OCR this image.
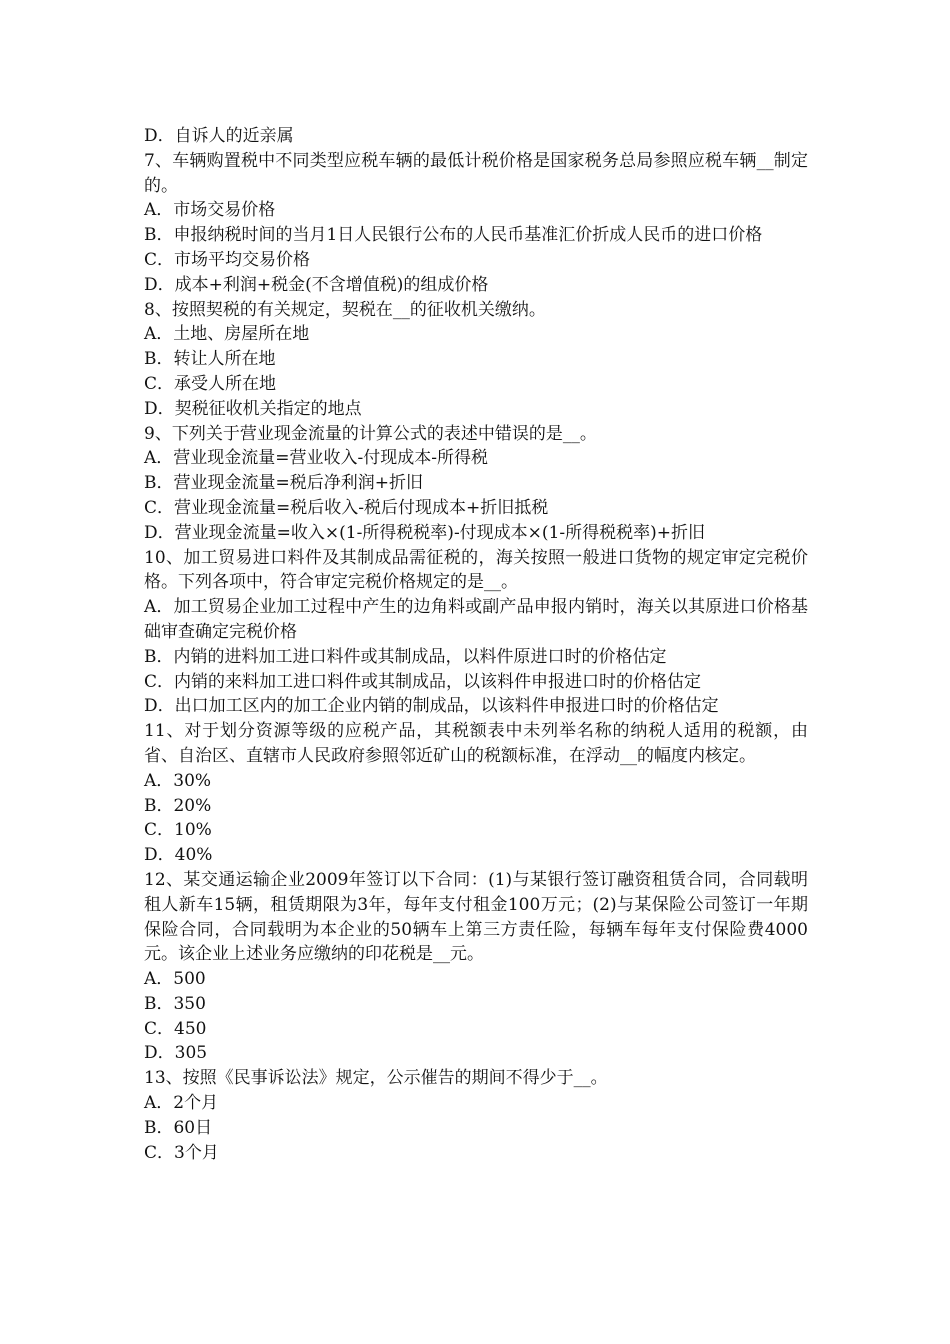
D．自诉人的近亲属

7、车辆购置税中不同类型应税车辆的最低计税价格是国家税务总局参照应税车辆__制定的。

A．市场交易价格

B．申报纳税时间的当月1日人民银行公布的人民币基准汇价折成人民币的进口价格

C．市场平均交易价格

D．成本+利润+税金(不含增值税)的组成价格

8、按照契税的有关规定，契税在__的征收机关缴纳。

A．土地、房屋所在地

B．转让人所在地

C．承受人所在地

D．契税征收机关指定的地点

9、下列关于营业现金流量的计算公式的表述中错误的是__。

A．营业现金流量=营业收入-付现成本-所得税

B．营业现金流量=税后净利润+折旧

C．营业现金流量=税后收入-税后付现成本+折旧抵税

D．营业现金流量=收入×(1-所得税税率)-付现成本×(1-所得税税率)+折旧

10、加工贸易进口料件及其制成品需征税的，海关按照一般进口货物的规定审定完税价格。下列各项中，符合审定完税价格规定的是__。

A．加工贸易企业加工过程中产生的边角料或副产品申报内销时，海关以其原进口价格基础审查确定完税价格

B．内销的进料加工进口料件或其制成品，以料件原进口时的价格估定

C．内销的来料加工进口料件或其制成品，以该料件申报进口时的价格估定

D．出口加工区内的加工企业内销的制成品，以该料件申报进口时的价格估定

11、对于划分资源等级的应税产品，其税额表中未列举名称的纳税人适用的税额，由省、自治区、直辖市人民政府参照邻近矿山的税额标准，在浮动__的幅度内核定。

A．30%

B．20%

C．10%

D．40%

12、某交通运输企业2009年签订以下合同：(1)与某银行签订融资租赁合同，合同载明租人新车15辆，租赁期限为3年，每年支付租金100万元；(2)与某保险公司签订一年期保险合同，合同载明为本企业的50辆车上第三方责任险，每辆车每年支付保险费4000元。该企业上述业务应缴纳的印花税是__元。

A．500

B．350

C．450

D．305

13、按照《民事诉讼法》规定，公示催告的期间不得少于__。

A．2个月

B．60日

C．3个月
